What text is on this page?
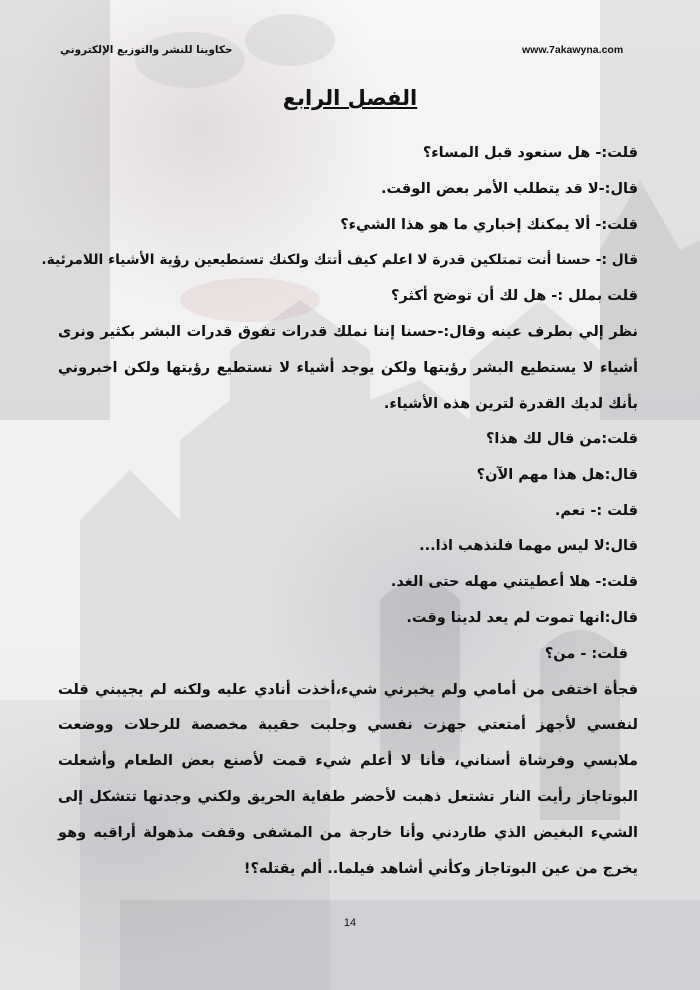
حكاوينا للنشر والتوزيع الإلكتروني	www.7akawyna.com
الفصل الرابع
قلت:- هل سنعود قبل المساء؟
قال:-لا قد يتطلب الأمر بعض الوقت.
قلت:- ألا يمكنك إخباري ما هو هذا الشيء؟
قال :- حسنا أنت تمتلكين قدرة لا اعلم كيف أتتك ولكنك تستطيعين رؤية الأشياء اللامرئية.
قلت بملل :- هل لك أن توضح أكثر؟
نظر إلي بطرف عينه وقال:-حسنا إننا نملك قدرات تفوق قدرات البشر بكثير ونرى أشياء لا يستطيع البشر رؤيتها ولكن يوجد أشياء لا نستطيع رؤيتها ولكن اخبروني بأنك لديك القدرة لترين هذه الأشياء.
قلت:من قال لك هذا؟
قال:هل هذا مهم الآن؟
قلت :- نعم.
قال:لا ليس مهما فلنذهب اذا...
قلت:- هلا أعطيتني مهله حتى الغد.
قال:انها تموت لم يعد لدينا وقت.
قلت: - من؟
فجأة اختفى من أمامي ولم يخبرني شيء،أخذت أنادي عليه ولكنه لم يجيبني قلت لنفسي لأجهز أمتعتي جهزت نفسي وجلبت حقيبة مخصصة للرحلات ووضعت ملابسي وفرشاة أسناني، فأنا لا أعلم شيء قمت لأصنع بعض الطعام وأشعلت البوتاجاز رأيت النار تشتعل ذهبت لأحضر طفاية الحريق ولكني وجدتها تتشكل إلى الشيء البغيض الذي طاردني وأنا خارجة من المشفى وقفت مذهولة أراقبه وهو يخرج من عين البوتاجاز وكأني أشاهد فيلما.. ألم يقتله؟!
14
